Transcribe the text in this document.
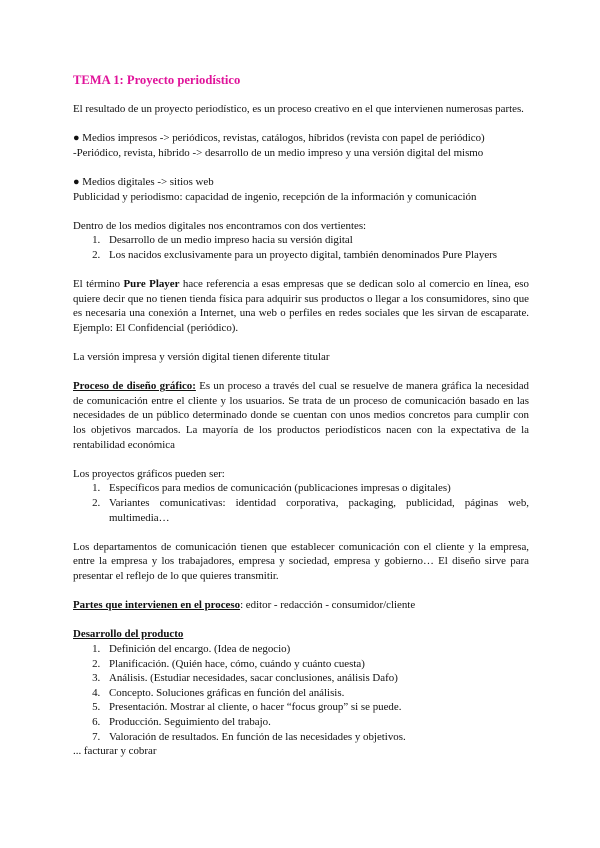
TEMA 1: Proyecto periodístico

El resultado de un proyecto periodístico, es un proceso creativo en el que intervienen numerosas partes.

● Medios impresos -> periódicos, revistas, catálogos, híbridos (revista con papel de periódico)

-Periódico, revista, híbrido -> desarrollo de un medio impreso y una versión digital del mismo

● Medios digitales -> sitios web

Publicidad y periodismo: capacidad de ingenio, recepción de la información y comunicación

Dentro de los medios digitales nos encontramos con dos vertientes:

1. Desarrollo de un medio impreso hacia su versión digital
2. Los nacidos exclusivamente para un proyecto digital, también denominados Pure Players

El término Pure Player hace referencia a esas empresas que se dedican solo al comercio en línea, eso quiere decir que no tienen tienda física para adquirir sus productos o llegar a los consumidores, sino que es necesaria una conexión a Internet, una web o perfiles en redes sociales que les sirvan de escaparate. Ejemplo: El Confidencial (periódico).

La versión impresa y versión digital tienen diferente titular

Proceso de diseño gráfico: Es un proceso a través del cual se resuelve de manera gráfica la necesidad de comunicación entre el cliente y los usuarios. Se trata de un proceso de comunicación basado en las necesidades de un público determinado donde se cuentan con unos medios concretos para cumplir con los objetivos marcados. La mayoría de los productos periodísticos nacen con la expectativa de la rentabilidad económica

Los proyectos gráficos pueden ser:

1. Específicos para medios de comunicación (publicaciones impresas o digitales)
2. Variantes comunicativas: identidad corporativa, packaging, publicidad, páginas web, multimedia…

Los departamentos de comunicación tienen que establecer comunicación con el cliente y la empresa, entre la empresa y los trabajadores, empresa y sociedad, empresa y gobierno… El diseño sirve para presentar el reflejo de lo que quieres transmitir.

Partes que intervienen en el proceso: editor - redacción - consumidor/cliente

Desarrollo del producto

1. Definición del encargo. (Idea de negocio)
2. Planificación. (Quién hace, cómo, cuándo y cuánto cuesta)
3. Análisis. (Estudiar necesidades, sacar conclusiones, análisis Dafo)
4. Concepto. Soluciones gráficas en función del análisis.
5. Presentación. Mostrar al cliente, o hacer “focus group” si se puede.
6. Producción. Seguimiento del trabajo.
7. Valoración de resultados. En función de las necesidades y objetivos.

... facturar y cobrar
